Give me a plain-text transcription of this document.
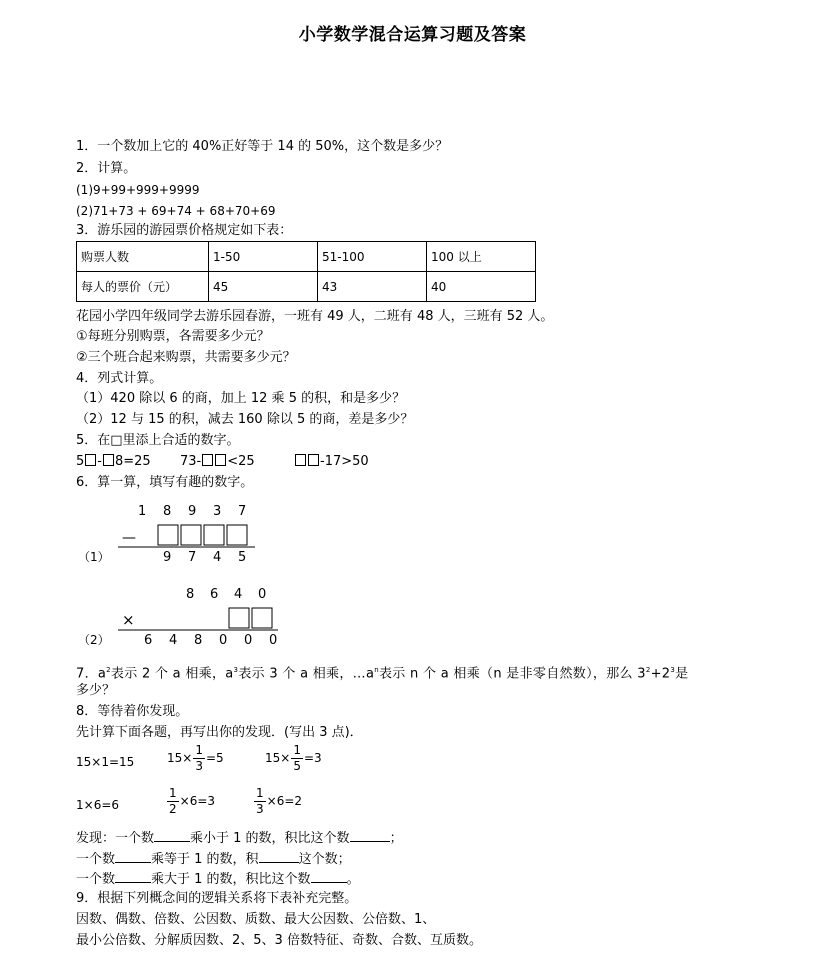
小学数学混合运算习题及答案
1．一个数加上它的 40%正好等于 14 的 50%，这个数是多少？
2．计算。
(1)9+99+999+9999
(2)71+73 + 69+74 + 68+70+69
3．游乐园的游园票价格规定如下表：
购票人数	1-50	51-100	100 以上
每人的票价（元）	45	43	40
花园小学四年级同学去游乐园春游，一班有 49 人，二班有 48 人，三班有 52 人。
①每班分别购票，各需要多少元？
②三个班合起来购票，共需要多少元？
4．列式计算。
（1）420 除以 6 的商，加上 12 乘 5 的积，和是多少？
（2）12 与 15 的积，减去 160 除以 5 的商，差是多少？
5．在□里添上合适的数字。
5 - 8=25 73- <25	-17>50
6．算一算，填写有趣的数字。
1 8 9 3 7
—
（1）	9 7 4 5
8 6 4 0
×
（2）	6 4 8 0 0 0
7．$a^2$表示 2 个 a 相乘，$a^3$表示 3 个 a 相乘，$\dots a^n$表示 n 个 a 相乘（n 是非零自然数），那么 $3^2+2^3$是
多少？
8．等待着你发现。
先计算下面各题，再写出你的发现．(写出 3 点)．
15×1=15	$15\times \frac{1}{3} =5$	$15\times \frac{1}{5} =3$
1×6=6	$\frac{1}{2} \times 6=3$	$\frac{1}{3} \times 6=2$
发现：一个数	乘小于 1 的数，积比这个数	；
一个数	乘等于 1 的数，积	这个数；
一个数	乘大于 1 的数，积比这个数	。
9．根据下列概念间的逻辑关系将下表补充完整。
因数、偶数、倍数、公因数、质数、最大公因数、公倍数、1、
最小公倍数、分解质因数、2、5、3 倍数特征、奇数、合数、互质数。
